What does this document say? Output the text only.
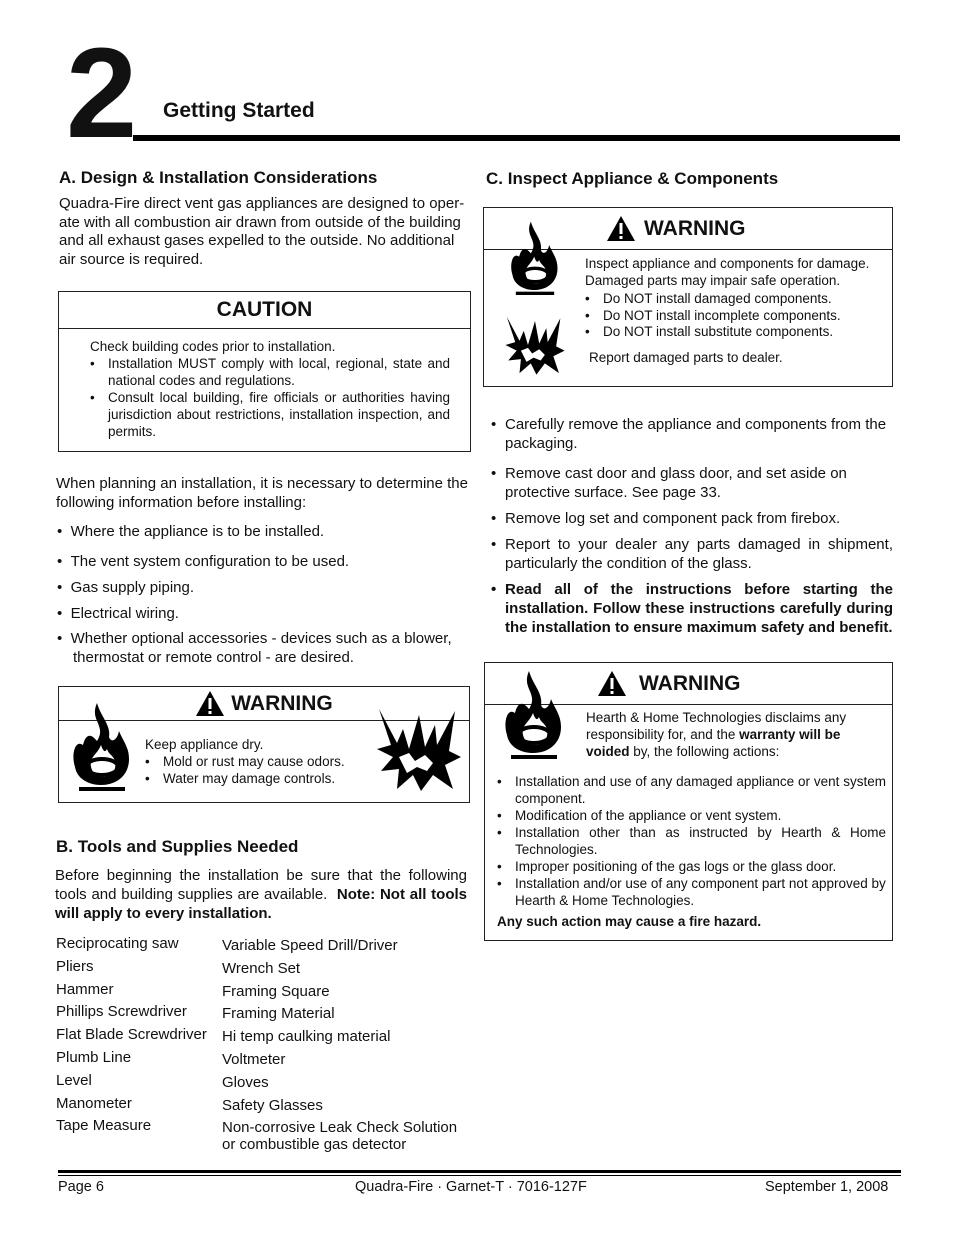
2 Getting Started
A. Design & Installation Considerations
Quadra-Fire direct vent gas appliances are designed to oper-
ate with all combustion air drawn from outside of the building
and all exhaust gases expelled to the outside. No additional
air source is required.
CAUTION
Check building codes prior to installation.
• Installation MUST comply with local, regional, state and national codes and regulations.
• Consult local building, fire officials or authorities having jurisdiction about restrictions, installation inspection, and permits.

When planning an installation, it is necessary to determine the following information before installing:

•  Where the appliance is to be installed.
•  The vent system configuration to be used.
•  Gas supply piping.
•  Electrical wiring.
•  Whether optional accessories - devices such as a blower, thermostat or remote control - are desired.
WARNING
Keep appliance dry.
• Mold or rust may cause odors.
• Water may damage controls.
B. Tools and Supplies Needed

Before beginning the installation be sure that the following tools and building supplies are available. Note: Not all tools will apply to every installation.

Reciprocating saw
Pliers
Hammer
Phillips Screwdriver
Flat Blade Screwdriver
Plumb Line
Level
Manometer
Tape Measure
Variable Speed Drill/Driver
Wrench Set
Framing Square
Framing Material
Hi temp caulking material
Voltmeter
Gloves
Safety Glasses
Non-corrosive Leak Check Solution
or combustible gas detector
C. Inspect Appliance & Components
WARNING
Inspect appliance and components for damage. Damaged parts may impair safe operation.
• Do NOT install damaged components.
• Do NOT install incomplete components.
• Do NOT install substitute components.
Report damaged parts to dealer.
• Carefully remove the appliance and components from the packaging.
• Remove cast door and glass door, and set aside on protective surface. See page 33.
• Remove log set and component pack from firebox.
• Report to your dealer any parts damaged in shipment, particularly the condition of the glass.
• Read all of the instructions before starting the installation. Follow these instructions carefully during the installation to ensure maximum safety and benefit.
WARNING
Hearth & Home Technologies disclaims any responsibility for, and the warranty will be voided by, the following actions:
• Installation and use of any damaged appliance or vent system component.
• Modification of the appliance or vent system.
• Installation other than as instructed by Hearth & Home Technologies.
• Improper positioning of the gas logs or the glass door.
• Installation and/or use of any component part not approved by Hearth & Home Technologies.
Any such action may cause a fire hazard.
Page 6	Quadra-Fire · Garnet-T · 7016-127F	September 1, 2008
